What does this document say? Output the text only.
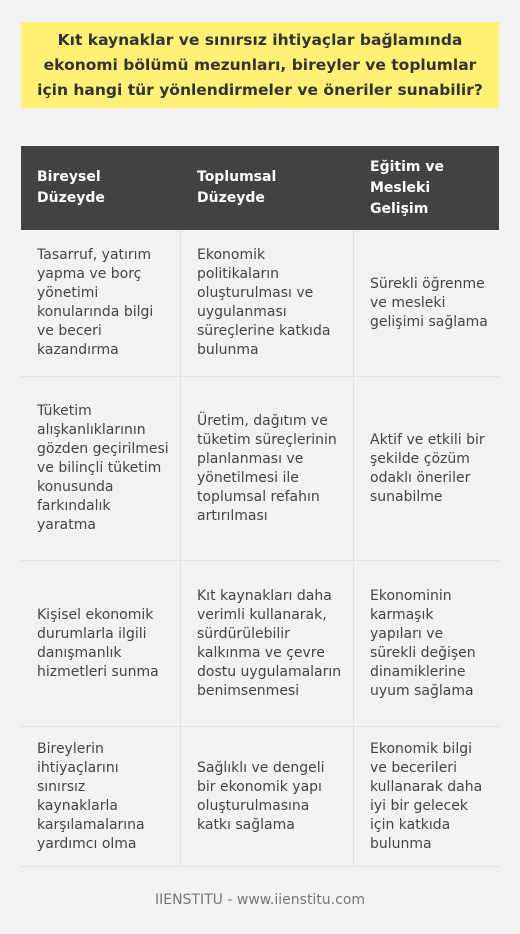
Kıt kaynaklar ve sınırsız ihtiyaçlar bağlamında ekonomi bölümü mezunları, bireyler ve toplumlar için hangi tür yönlendirmeler ve öneriler sunabilir?
Bireysel Düzeyde
Toplumsal Düzeyde
Eğitim ve Mesleki Gelişim
Tasarruf, yatırım yapma ve borç yönetimi konularında bilgi ve beceri kazandırma
Ekonomik politikaların oluşturulması ve uygulanması süreçlerine katkıda bulunma
Sürekli öğrenme ve mesleki gelişimi sağlama
Tüketim alışkanlıklarının gözden geçirilmesi ve bilinçli tüketim konusunda farkındalık yaratma
Üretim, dağıtım ve tüketim süreçlerinin planlanması ve yönetilmesi ile toplumsal refahın artırılması
Aktif ve etkili bir şekilde çözüm odaklı öneriler sunabilme
Kişisel ekonomik durumlarla ilgili danışmanlık hizmetleri sunma
Kıt kaynakları daha verimli kullanarak, sürdürülebilir kalkınma ve çevre dostu uygulamaların benimsenmesi
Ekonominin karmaşık yapıları ve sürekli değişen dinamiklerine uyum sağlama
Bireylerin ihtiyaçlarını sınırsız kaynaklarla karşılamalarına yardımcı olma
Sağlıklı ve dengeli bir ekonomik yapı oluşturulmasına katkı sağlama
Ekonomik bilgi ve becerileri kullanarak daha iyi bir gelecek için katkıda bulunma
IIENSTITU - www.iienstitu.com
